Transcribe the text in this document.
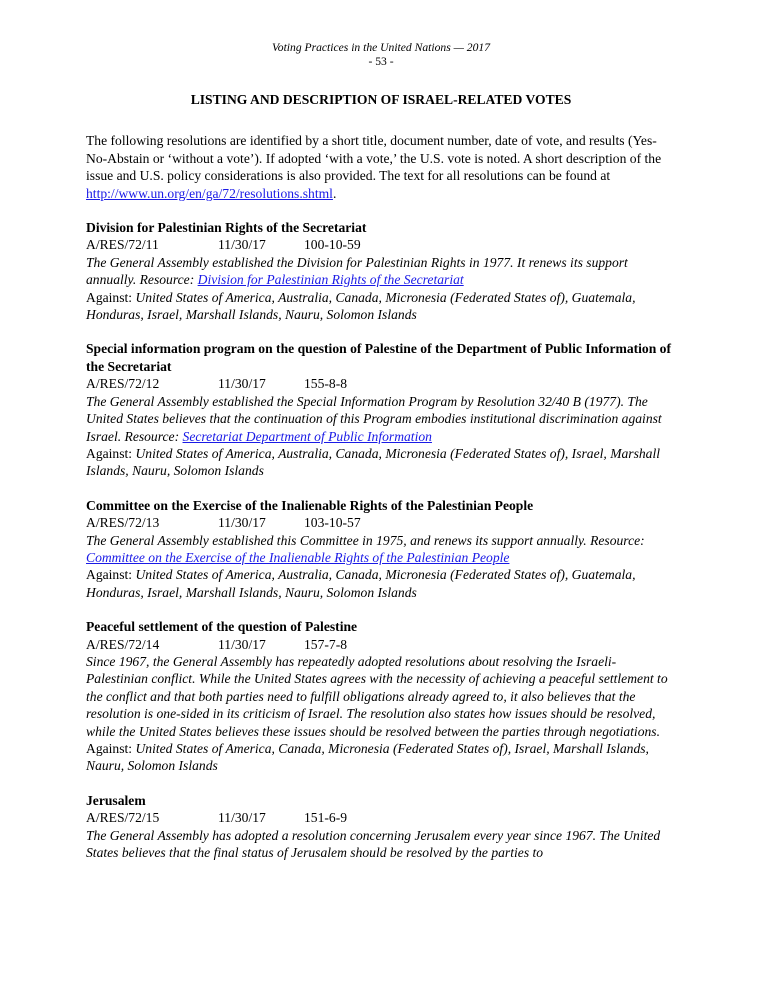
Voting Practices in the United Nations — 2017
- 53 -
LISTING AND DESCRIPTION OF ISRAEL-RELATED VOTES
The following resolutions are identified by a short title, document number, date of vote, and results (Yes-No-Abstain or ‘without a vote’). If adopted ‘with a vote,’ the U.S. vote is noted. A short description of the issue and U.S. policy considerations is also provided. The text for all resolutions can be found at http://www.un.org/en/ga/72/resolutions.shtml.
Division for Palestinian Rights of the Secretariat
A/RES/72/11	11/30/17	100-10-59
The General Assembly established the Division for Palestinian Rights in 1977. It renews its support annually. Resource: Division for Palestinian Rights of the Secretariat
Against: United States of America, Australia, Canada, Micronesia (Federated States of), Guatemala, Honduras, Israel, Marshall Islands, Nauru, Solomon Islands
Special information program on the question of Palestine of the Department of Public Information of the Secretariat
A/RES/72/12	11/30/17	155-8-8
The General Assembly established the Special Information Program by Resolution 32/40 B (1977). The United States believes that the continuation of this Program embodies institutional discrimination against Israel. Resource: Secretariat Department of Public Information
Against: United States of America, Australia, Canada, Micronesia (Federated States of), Israel, Marshall Islands, Nauru, Solomon Islands
Committee on the Exercise of the Inalienable Rights of the Palestinian People
A/RES/72/13	11/30/17	103-10-57
The General Assembly established this Committee in 1975, and renews its support annually. Resource: Committee on the Exercise of the Inalienable Rights of the Palestinian People
Against: United States of America, Australia, Canada, Micronesia (Federated States of), Guatemala, Honduras, Israel, Marshall Islands, Nauru, Solomon Islands
Peaceful settlement of the question of Palestine
A/RES/72/14	11/30/17	157-7-8
Since 1967, the General Assembly has repeatedly adopted resolutions about resolving the Israeli-Palestinian conflict. While the United States agrees with the necessity of achieving a peaceful settlement to the conflict and that both parties need to fulfill obligations already agreed to, it also believes that the resolution is one-sided in its criticism of Israel. The resolution also states how issues should be resolved, while the United States believes these issues should be resolved between the parties through negotiations.
Against: United States of America, Canada, Micronesia (Federated States of), Israel, Marshall Islands, Nauru, Solomon Islands
Jerusalem
A/RES/72/15	11/30/17	151-6-9
The General Assembly has adopted a resolution concerning Jerusalem every year since 1967. The United States believes that the final status of Jerusalem should be resolved by the parties to
